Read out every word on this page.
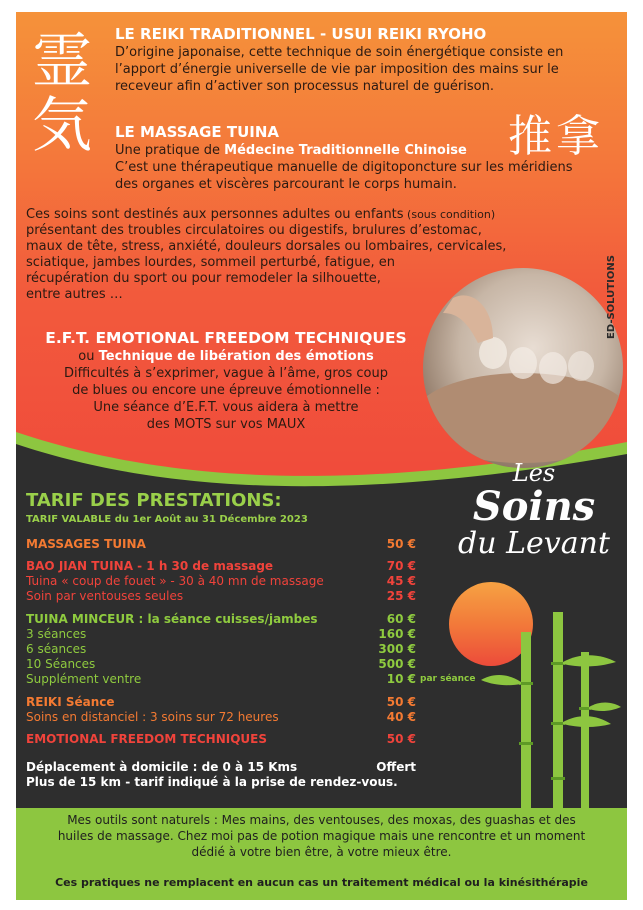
霊気	推拿
LE REIKI TRADITIONNEL - USUI REIKI RYOHO
D’origine japonaise, cette technique de soin énergétique consiste en
l’apport d’énergie universelle de vie par imposition des mains sur le
receveur afin d’activer son processus naturel de guérison.
LE MASSAGE TUINA
Une pratique de Médecine Traditionnelle Chinoise
C’est une thérapeutique manuelle de digitoponcture sur les méridiens
des organes et viscères parcourant le corps humain.
Ces soins sont destinés aux personnes adultes ou enfants (sous condition)
présentant des troubles circulatoires ou digestifs, brulures d’estomac,
maux de tête, stress, anxiété, douleurs dorsales ou lombaires, cervicales,
sciatique, jambes lourdes, sommeil perturbé, fatigue, en
récupération du sport ou pour remodeler la silhouette,
entre autres …	ED-SOLUTIONS
E.F.T. EMOTIONAL FREEDOM TECHNIQUES
ou Technique de libération des émotions
Difficultés à s’exprimer, vague à l’âme, gros coup
de blues ou encore une épreuve émotionnelle :
Une séance d’E.F.T. vous aidera à mettre
des MOTS sur vos MAUX
TARIF DES PRESTATIONS:
TARIF VALABLE du 1er Août au 31 Décembre 2023
MASSAGES TUINA	50 €
BAO JIAN TUINA - 1 h 30 de massage	70 €
Tuina « coup de fouet » - 30 à 40 mn de massage	45 €
Soin par ventouses seules	25 €
TUINA MINCEUR : la séance cuisses/jambes	60 €
3 séances	160 €
6 séances	300 €
10 Séances	500 €
Supplément ventre	10 € par séance
REIKI Séance	50 €
Soins en distanciel : 3 soins sur 72 heures	40 €
EMOTIONAL FREEDOM TECHNIQUES	50 €
Déplacement à domicile : de 0 à 15 Kms	Offert
Plus de 15 km - tarif indiqué à la prise de rendez-vous.
Les
Soins
du Levant
Mes outils sont naturels : Mes mains, des ventouses, des moxas, des guashas et des
huiles de massage. Chez moi pas de potion magique mais une rencontre et un moment
dédié à votre bien être, à votre mieux être.
Ces pratiques ne remplacent en aucun cas un traitement médical ou la kinésithérapie
